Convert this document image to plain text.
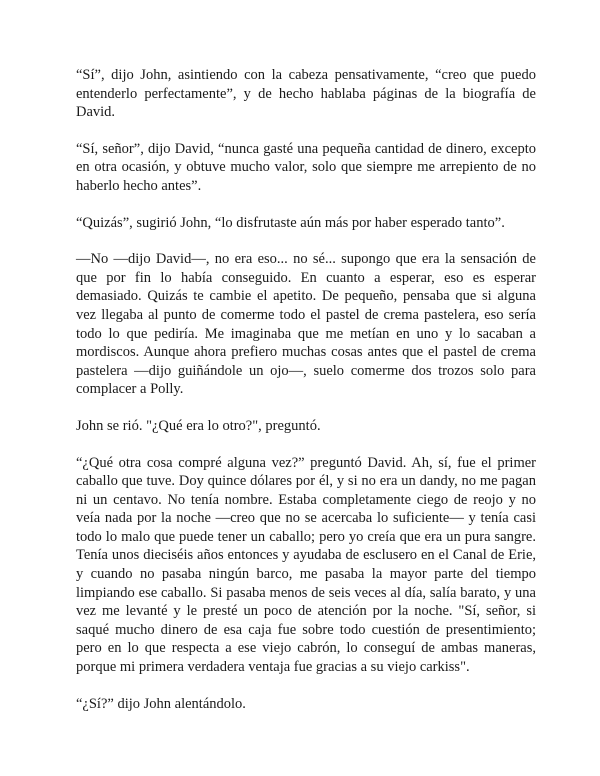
“Sí”, dijo John, asintiendo con la cabeza pensativamente, “creo que puedo entenderlo perfectamente”, y de hecho hablaba páginas de la biografía de David.

“Sí, señor”, dijo David, “nunca gasté una pequeña cantidad de dinero, excepto en otra ocasión, y obtuve mucho valor, solo que siempre me arrepiento de no haberlo hecho antes”.

“Quizás”, sugirió John, “lo disfrutaste aún más por haber esperado tanto”.

—No —dijo David—, no era eso... no sé... supongo que era la sensación de que por fin lo había conseguido. En cuanto a esperar, eso es esperar demasiado. Quizás te cambie el apetito. De pequeño, pensaba que si alguna vez llegaba al punto de comerme todo el pastel de crema pastelera, eso sería todo lo que pediría. Me imaginaba que me metían en uno y lo sacaban a mordiscos. Aunque ahora prefiero muchas cosas antes que el pastel de crema pastelera —dijo guiñándole un ojo—, suelo comerme dos trozos solo para complacer a Polly.

John se rió. "¿Qué era lo otro?", preguntó.

“¿Qué otra cosa compré alguna vez?” preguntó David. Ah, sí, fue el primer caballo que tuve. Doy quince dólares por él, y si no era un dandy, no me pagan ni un centavo. No tenía nombre. Estaba completamente ciego de reojo y no veía nada por la noche —creo que no se acercaba lo suficiente— y tenía casi todo lo malo que puede tener un caballo; pero yo creía que era un pura sangre. Tenía unos dieciséis años entonces y ayudaba de esclusero en el Canal de Erie, y cuando no pasaba ningún barco, me pasaba la mayor parte del tiempo limpiando ese caballo. Si pasaba menos de seis veces al día, salía barato, y una vez me levanté y le presté un poco de atención por la noche. "Sí, señor, si saqué mucho dinero de esa caja fue sobre todo cuestión de presentimiento; pero en lo que respecta a ese viejo cabrón, lo conseguí de ambas maneras, porque mi primera verdadera ventaja fue gracias a su viejo carkiss".

“¿Sí?” dijo John alentándolo.
